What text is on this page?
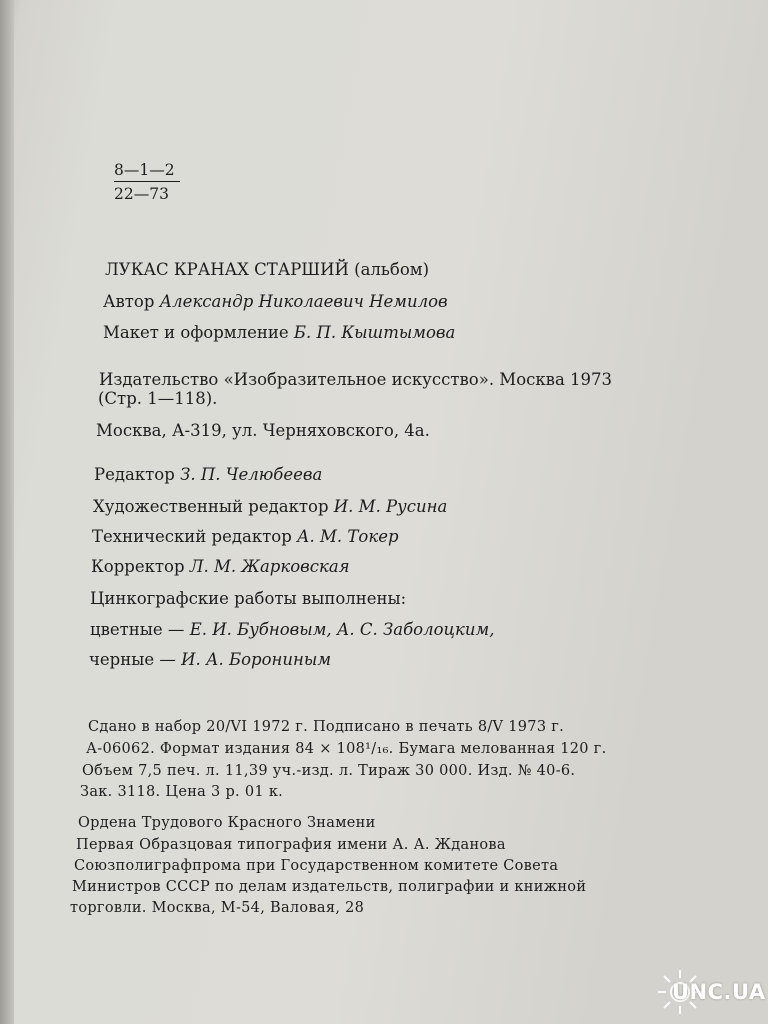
8—1—2
22—73
ЛУКАС КРАНАХ СТАРШИЙ (альбом)
Автор Александр Николаевич Немилов
Макет и оформление Б. П. Кыштымова
Издательство «Изобразительное искусство». Москва 1973
(Стр. 1—118).
Москва, А-319, ул. Черняховского, 4а.
Редактор З. П. Челюбеева
Художественный редактор И. М. Русина
Технический редактор А. М. Токер
Корректор Л. М. Жарковская
Цинкографские работы выполнены:
цветные — Е. И. Бубновым, А. С. Заболоцким,
черные — И. А. Борониным
Сдано в набор 20/VI 1972 г. Подписано в печать 8/V 1973 г.
А-06062. Формат издания 84 × 108¹/₁₆. Бумага мелованная 120 г.
Объем 7,5 печ. л. 11,39 уч.-изд. л. Тираж 30 000. Изд. № 40-6.
Зак. 3118. Цена 3 р. 01 к.
Ордена Трудового Красного Знамени
Первая Образцовая типография имени А. А. Жданова
Союзполиграфпрома при Государственном комитете Совета
Министров СССР по делам издательств, полиграфии и книжной
торговли. Москва, М-54, Валовая, 28
UNC.UA
